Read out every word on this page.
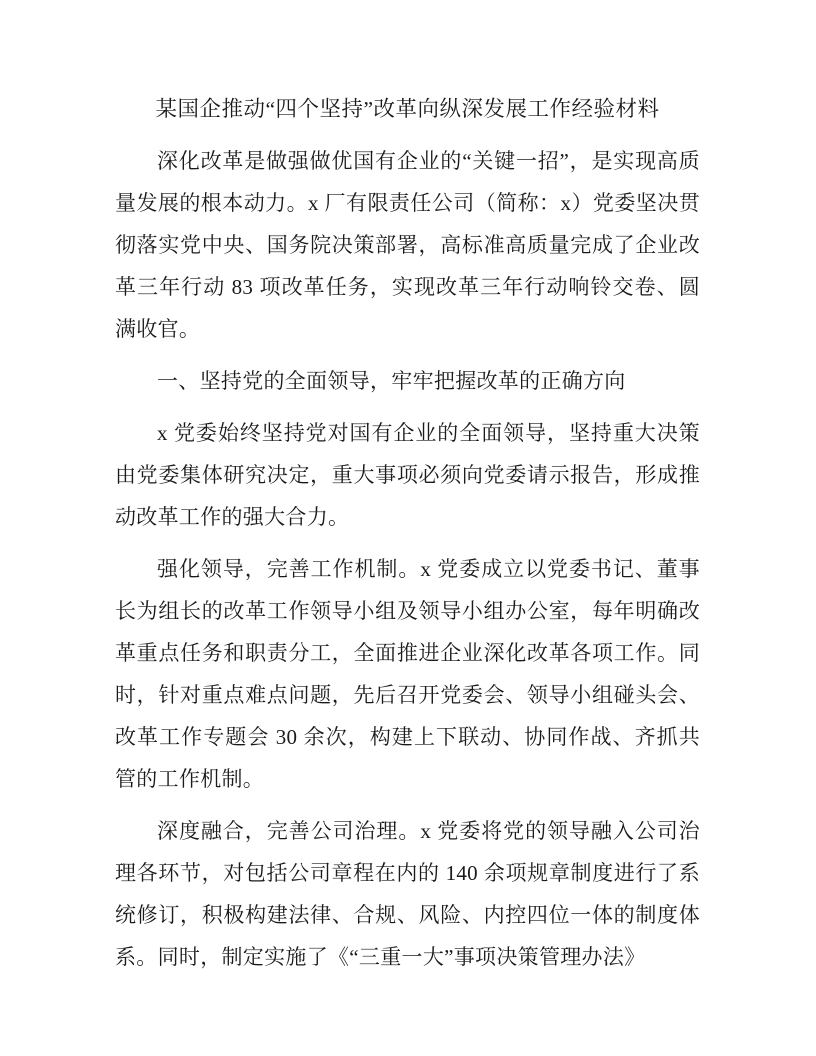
某国企推动“四个坚持”改革向纵深发展工作经验材料

深化改革是做强做优国有企业的“关键一招”，是实现高质量发展的根本动力。x 厂有限责任公司（简称：x）党委坚决贯彻落实党中央、国务院决策部署，高标准高质量完成了企业改革三年行动 83 项改革任务，实现改革三年行动响铃交卷、圆满收官。

一、坚持党的全面领导，牢牢把握改革的正确方向

x 党委始终坚持党对国有企业的全面领导，坚持重大决策由党委集体研究决定，重大事项必须向党委请示报告，形成推动改革工作的强大合力。

强化领导，完善工作机制。x 党委成立以党委书记、董事长为组长的改革工作领导小组及领导小组办公室，每年明确改革重点任务和职责分工，全面推进企业深化改革各项工作。同时，针对重点难点问题，先后召开党委会、领导小组碰头会、改革工作专题会 30 余次，构建上下联动、协同作战、齐抓共管的工作机制。

深度融合，完善公司治理。x 党委将党的领导融入公司治理各环节，对包括公司章程在内的 140 余项规章制度进行了系统修订，积极构建法律、合规、风险、内控四位一体的制度体系。同时，制定实施了《“三重一大”事项决策管理办法》
